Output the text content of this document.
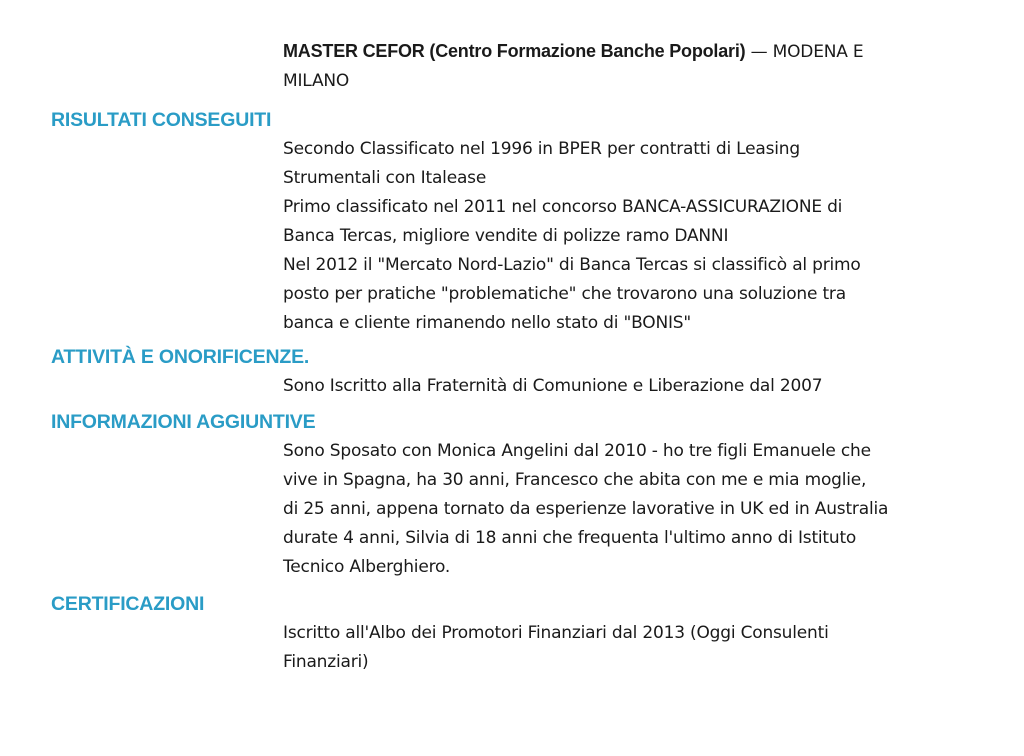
MASTER CEFOR (Centro Formazione Banche Popolari) — MODENA E

MILANO

RISULTATI CONSEGUITI

Secondo Classificato nel 1996 in BPER per contratti di Leasing

Strumentali con Italease

Primo classificato nel 2011 nel concorso BANCA-ASSICURAZIONE di

Banca Tercas, migliore vendite di polizze ramo DANNI

Nel 2012 il "Mercato Nord-Lazio" di Banca Tercas si classificò al primo

posto per pratiche "problematiche" che trovarono una soluzione tra

banca e cliente rimanendo nello stato di "BONIS"

ATTIVITÀ E ONORIFICENZE.

Sono Iscritto alla Fraternità di Comunione e Liberazione dal 2007

INFORMAZIONI AGGIUNTIVE

Sono Sposato con Monica Angelini dal 2010 - ho tre figli Emanuele che

vive in Spagna, ha 30 anni, Francesco che abita con me e mia moglie,

di 25 anni, appena tornato da esperienze lavorative in UK ed in Australia

durate 4 anni, Silvia di 18 anni che frequenta l'ultimo anno di Istituto

Tecnico Alberghiero.

CERTIFICAZIONI

Iscritto all'Albo dei Promotori Finanziari dal 2013 (Oggi Consulenti

Finanziari)
